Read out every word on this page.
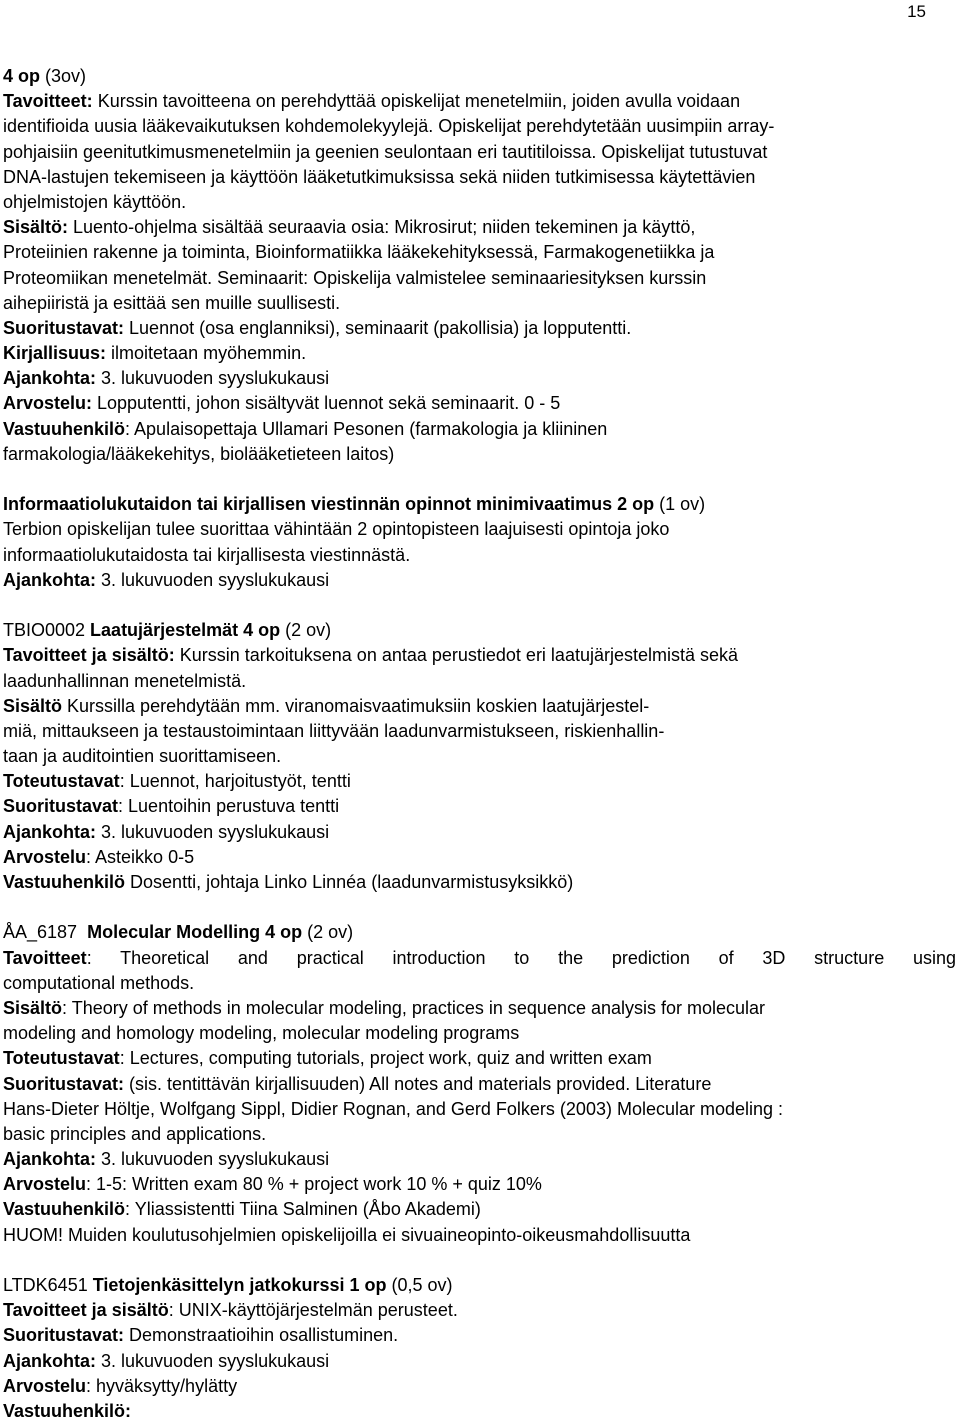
15
4 op (3ov)
Tavoitteet: Kurssin tavoitteena on perehdyttää opiskelijat menetelmiin, joiden avulla voidaan
identifioida uusia lääkevaikutuksen kohdemolekyylejä. Opiskelijat perehdytetään uusimpiin array-
pohjaisiin geenitutkimusmenetelmiin ja geenien seulontaan eri tautitiloissa. Opiskelijat tutustuvat
DNA-lastujen tekemiseen ja käyttöön lääketutkimuksissa sekä niiden tutkimisessa käytettävien
ohjelmistojen käyttöön.
Sisältö: Luento-ohjelma sisältää seuraavia osia: Mikrosirut; niiden tekeminen ja käyttö,
Proteiinien rakenne ja toiminta, Bioinformatiikka lääkekehityksessä, Farmakogenetiikka ja
Proteomiikan menetelmät. Seminaarit: Opiskelija valmistelee seminaariesityksen kurssin
aihepiiristä ja esittää sen muille suullisesti.
Suoritustavat: Luennot (osa englanniksi), seminaarit (pakollisia) ja lopputentti.
Kirjallisuus: ilmoitetaan myöhemmin.
Ajankohta: 3. lukuvuoden syyslukukausi
Arvostelu: Lopputentti, johon sisältyvät luennot sekä seminaarit. 0 - 5
Vastuuhenkilö: Apulaisopettaja Ullamari Pesonen (farmakologia ja kliininen
farmakologia/lääkekehitys, biolääketieteen laitos)
Informaatiolukutaidon tai kirjallisen viestinnän opinnot minimivaatimus 2 op (1 ov)
Terbion opiskelijan tulee suorittaa vähintään 2 opintopisteen laajuisesti opintoja joko
informaatiolukutaidosta tai kirjallisesta viestinnästä.
Ajankohta: 3. lukuvuoden syyslukukausi
TBIO0002 Laatujärjestelmät 4 op (2 ov)
Tavoitteet ja sisältö: Kurssin tarkoituksena on antaa perustiedot eri laatujärjestelmistä sekä
laadunhallinnan menetelmistä.
Sisältö Kurssilla perehdytään mm. viranomaisvaatimuksiin koskien laatujärjestel-
miä, mittaukseen ja testaustoimintaan liittyvään laadunvarmistukseen, riskienhallin-
taan ja auditointien suorittamiseen.
Toteutustavat: Luennot, harjoitustyöt, tentti
Suoritustavat: Luentoihin perustuva tentti
Ajankohta: 3. lukuvuoden syyslukukausi
Arvostelu: Asteikko 0-5
Vastuuhenkilö Dosentti, johtaja Linko Linnéa (laadunvarmistusyksikkö)
ÅA_6187  Molecular Modelling 4 op (2 ov)
Tavoitteet: Theoretical and practical introduction to the prediction of 3D structure using
computational methods.
Sisältö: Theory of methods in molecular modeling, practices in sequence analysis for molecular
modeling and homology modeling, molecular modeling programs
Toteutustavat: Lectures, computing tutorials, project work, quiz and written exam
Suoritustavat: (sis. tentittävän kirjallisuuden) All notes and materials provided. Literature
Hans-Dieter Höltje, Wolfgang Sippl, Didier Rognan, and Gerd Folkers (2003) Molecular modeling :
basic principles and applications.
Ajankohta: 3. lukuvuoden syyslukukausi
Arvostelu: 1-5: Written exam 80 % + project work 10 % + quiz 10%
Vastuuhenkilö: Yliassistentti Tiina Salminen (Åbo Akademi)
HUOM! Muiden koulutusohjelmien opiskelijoilla ei sivuaineopinto-oikeusmahdollisuutta
LTDK6451 Tietojenkäsittelyn jatkokurssi 1 op (0,5 ov)
Tavoitteet ja sisältö: UNIX-käyttöjärjestelmän perusteet.
Suoritustavat: Demonstraatioihin osallistuminen.
Ajankohta: 3. lukuvuoden syyslukukausi
Arvostelu: hyväksytty/hylätty
Vastuuhenkilö:
